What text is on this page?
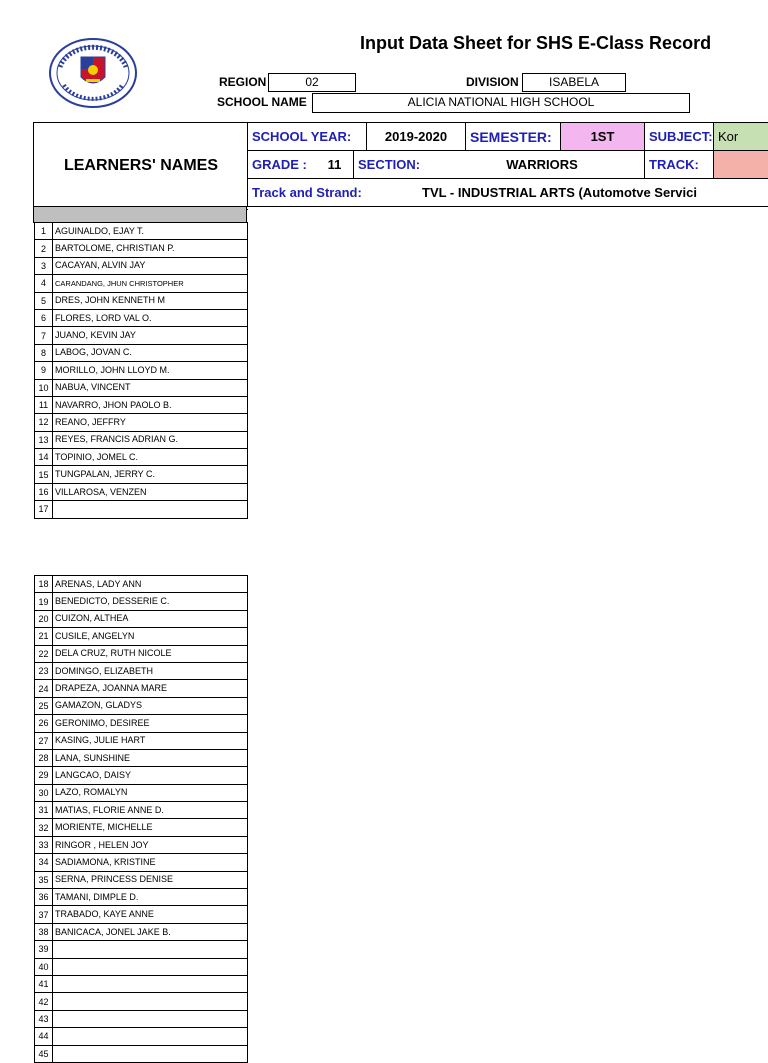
Input Data Sheet for SHS E-Class Record
REGION	02	DIVISION	ISABELA
SCHOOL NAME	ALICIA NATIONAL HIGH SCHOOL
LEARNERS' NAMES
SCHOOL YEAR:	2019-2020	SEMESTER:	1ST	SUBJECT: Kor
GRADE :	11	SECTION:	WARRIORS	TRACK:
Track and Strand:	TVL - INDUSTRIAL ARTS (Automotve Servici
1	AGUINALDO, EJAY T.
2	BARTOLOME, CHRISTIAN P.
3	CACAYAN, ALVIN JAY
4	CARANDANG, JHUN CHRISTOPHER
5	DRES, JOHN KENNETH M
6	FLORES, LORD VAL O.
7	JUANO, KEVIN JAY
8	LABOG, JOVAN C.
9	MORILLO, JOHN LLOYD M.
10	NABUA, VINCENT
11	NAVARRO, JHON PAOLO B.
12	REANO, JEFFRY
13	REYES, FRANCIS ADRIAN G.
14	TOPINIO, JOMEL C.
15	TUNGPALAN, JERRY C.
16	VILLAROSA, VENZEN
17	
18	ARENAS, LADY ANN
19	BENEDICTO, DESSERIE C.
20	CUIZON, ALTHEA
21	CUSILE, ANGELYN
22	DELA CRUZ, RUTH NICOLE
23	DOMINGO, ELIZABETH
24	DRAPEZA, JOANNA MARE
25	GAMAZON, GLADYS
26	GERONIMO, DESIREE
27	KASING, JULIE HART
28	LANA, SUNSHINE
29	LANGCAO, DAISY
30	LAZO, ROMALYN
31	MATIAS, FLORIE ANNE D.
32	MORIENTE, MICHELLE
33	RINGOR , HELEN JOY
34	SADIAMONA, KRISTINE
35	SERNA, PRINCESS DENISE
36	TAMANI, DIMPLE D.
37	TRABADO, KAYE ANNE
38	BANICACA, JONEL JAKE B.
39	
40	
41	
42	
43	
44	
45	
